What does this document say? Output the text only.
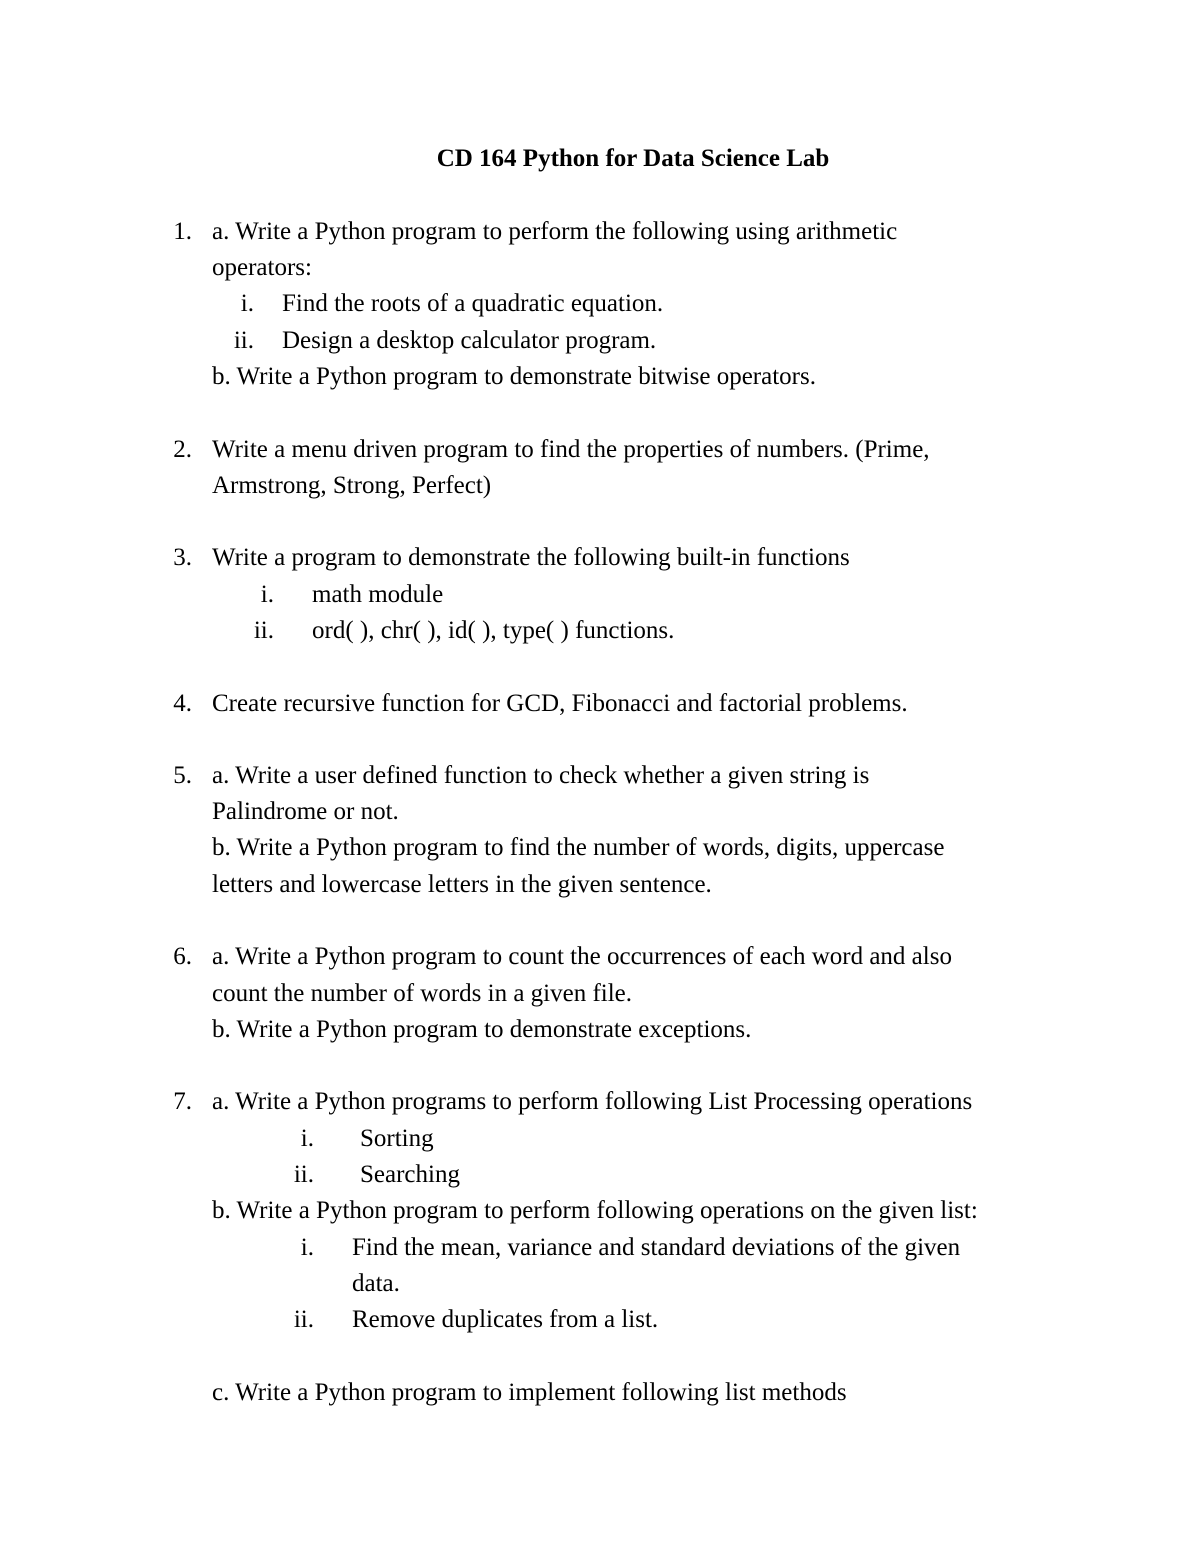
CD 164 Python for Data Science Lab
1. a. Write a Python program to perform the following using arithmetic
operators:
i. Find the roots of a quadratic equation.
ii. Design a desktop calculator program.
b. Write a Python program to demonstrate bitwise operators.
2. Write a menu driven program to find the properties of numbers. (Prime,
Armstrong, Strong, Perfect)
3. Write a program to demonstrate the following built-in functions
i. math module
ii. ord( ), chr( ), id( ), type( ) functions.
4. Create recursive function for GCD, Fibonacci and factorial problems.
5. a. Write a user defined function to check whether a given string is
Palindrome or not.
b. Write a Python program to find the number of words, digits, uppercase
letters and lowercase letters in the given sentence.
6. a. Write a Python program to count the occurrences of each word and also
count the number of words in a given file.
b. Write a Python program to demonstrate exceptions.
7. a. Write a Python programs to perform following List Processing operations
i. Sorting
ii. Searching
b. Write a Python program to perform following operations on the given list:
i. Find the mean, variance and standard deviations of the given
data.
ii. Remove duplicates from a list.
c. Write a Python program to implement following list methods
